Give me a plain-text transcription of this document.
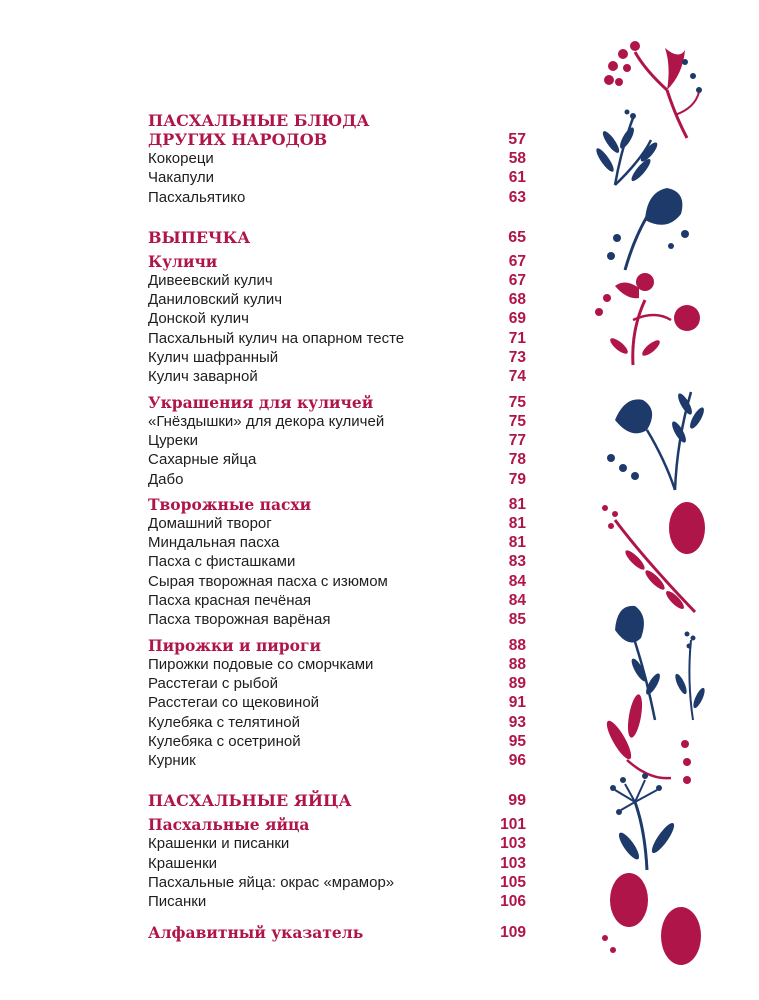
ПАСХАЛЬНЫЕ БЛЮДА
ДРУГИХ НАРОДОВ	57
Кокореци	58
Чакапули	61
Пасхальятико	63
ВЫПЕЧКА	65
Куличи	67
Дивеевский кулич	67
Даниловский кулич	68
Донской кулич	69
Пасхальный кулич на опарном тесте	71
Кулич шафранный	73
Кулич заварной	74
Украшения для куличей	75
«Гнёздышки» для декора куличей	75
Цуреки	77
Сахарные яйца	78
Дабо	79
Творожные пасхи	81
Домашний творог	81
Миндальная пасха	81
Пасха с фисташками	83
Сырая творожная пасха с изюмом	84
Пасха красная печёная	84
Пасха творожная варёная	85
Пирожки и пироги	88
Пирожки подовые со сморчками	88
Расстегаи с рыбой	89
Расстегаи со щековиной	91
Кулебяка с телятиной	93
Кулебяка с осетриной	95
Курник	96
ПАСХАЛЬНЫЕ ЯЙЦА	99
Пасхальные яйца	101
Крашенки и писанки	103
Крашенки	103
Пасхальные яйца: окрас «мрамор»	105
Писанки	106
Алфавитный указатель	109
